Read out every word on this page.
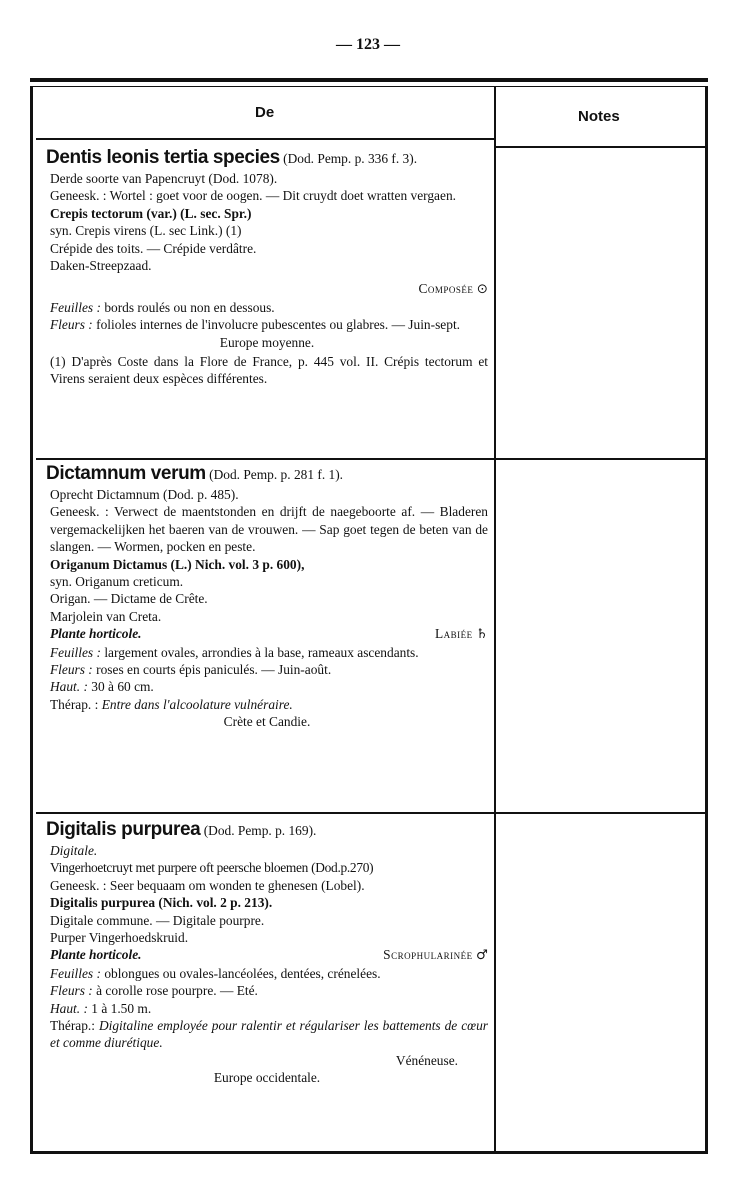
— 123 —
De	Notes
Dentis leonis tertia species (Dod. Pemp. p. 336 f. 3).
Derde soorte van Papencruyt (Dod. 1078).
Geneesk. : Wortel : goet voor de oogen. — Dit cruydt doet wratten vergaen.
Crepis tectorum (var.) (L. sec. Spr.)
syn. Crepis virens (L. sec Link.) (1)
Crépide des toits. — Crépide verdâtre.
Daken-Streepzaad.
Composée ⊙
Feuilles : bords roulés ou non en dessous.
Fleurs : folioles internes de l'involucre pubescentes ou glabres. — Juin-sept.
Europe moyenne.
(1) D'après Coste dans la Flore de France, p. 445 vol. II. Crépis tectorum et Virens seraient deux espèces différentes.
Dictamnum verum (Dod. Pemp. p. 281 f. 1).
Oprecht Dictamnum (Dod. p. 485).
Geneesk. : Verwect de maentstonden en drijft de naegeboorte af. — Bladeren vergemackelijken het baeren van de vrouwen. — Sap goet tegen de beten van de slangen. — Wormen, pocken en peste.
Origanum Dictamus (L.) Nich. vol. 3 p. 600),
syn. Origanum creticum.
Origan. — Dictame de Crête.
Marjolein van Creta.
Plante horticole.	Labiée ♄
Feuilles : largement ovales, arrondies à la base, rameaux ascendants.
Fleurs : roses en courts épis paniculés. — Juin-août.
Haut. : 30 à 60 cm.
Thérap. : Entre dans l'alcoolature vulnéraire.
Crète et Candie.
Digitalis purpurea (Dod. Pemp. p. 169).
Digitale.
Vingerhoetcruyt met purpere oft peersche bloemen (Dod.p.270)
Geneesk. : Seer bequaam om wonden te ghenesen (Lobel).
Digitalis purpurea (Nich. vol. 2 p. 213).
Digitale commune. — Digitale pourpre.
Purper Vingerhoedskruid.
Plante horticole.	Scrophularinée ♂
Feuilles : oblongues ou ovales-lancéolées, dentées, crénelées.
Fleurs : à corolle rose pourpre. — Eté.
Haut. : 1 à 1.50 m.
Thérap.: Digitaline employée pour ralentir et régulariser les battements de cœur et comme diurétique.
Vénéneuse.
Europe occidentale.
